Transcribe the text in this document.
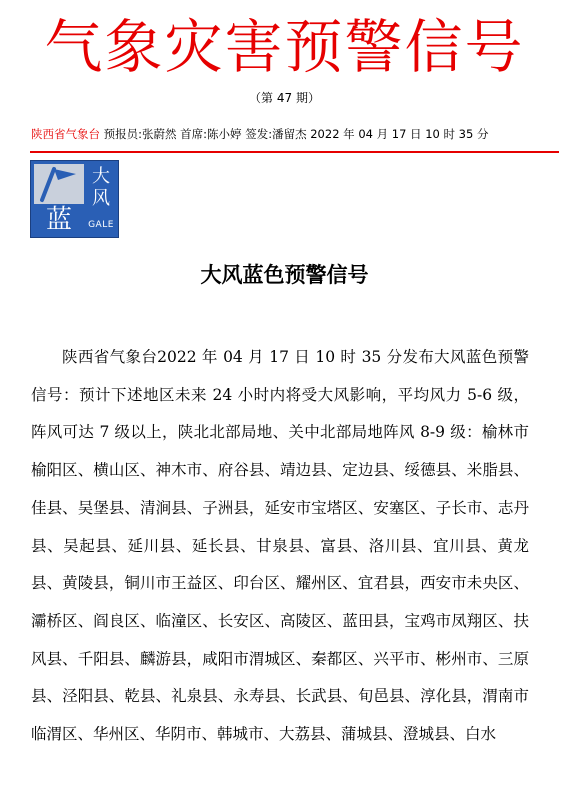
气象灾害预警信号
（第 47 期）
陕西省气象台 预报员:张蔚然 首席:陈小婷 签发:潘留杰 2022 年 04 月 17 日 10 时 35 分
蓝
大
风
GALE
大风蓝色预警信号

陕西省气象台2022 年 04 月 17 日 10 时 35 分发布大风蓝色预警信号：预计下述地区未来 24 小时内将受大风影响，平均风力 5-6 级，阵风可达 7 级以上，陕北北部局地、关中北部局地阵风 8-9 级：榆林市榆阳区、横山区、神木市、府谷县、靖边县、定边县、绥德县、米脂县、佳县、吴堡县、清涧县、子洲县，延安市宝塔区、安塞区、子长市、志丹县、吴起县、延川县、延长县、甘泉县、富县、洛川县、宜川县、黄龙县、黄陵县，铜川市王益区、印台区、耀州区、宜君县，西安市未央区、灞桥区、阎良区、临潼区、长安区、高陵区、蓝田县，宝鸡市凤翔区、扶风县、千阳县、麟游县，咸阳市渭城区、秦都区、兴平市、彬州市、三原县、泾阳县、乾县、礼泉县、永寿县、长武县、旬邑县、淳化县，渭南市临渭区、华州区、华阴市、韩城市、大荔县、蒲城县、澄城县、白水
